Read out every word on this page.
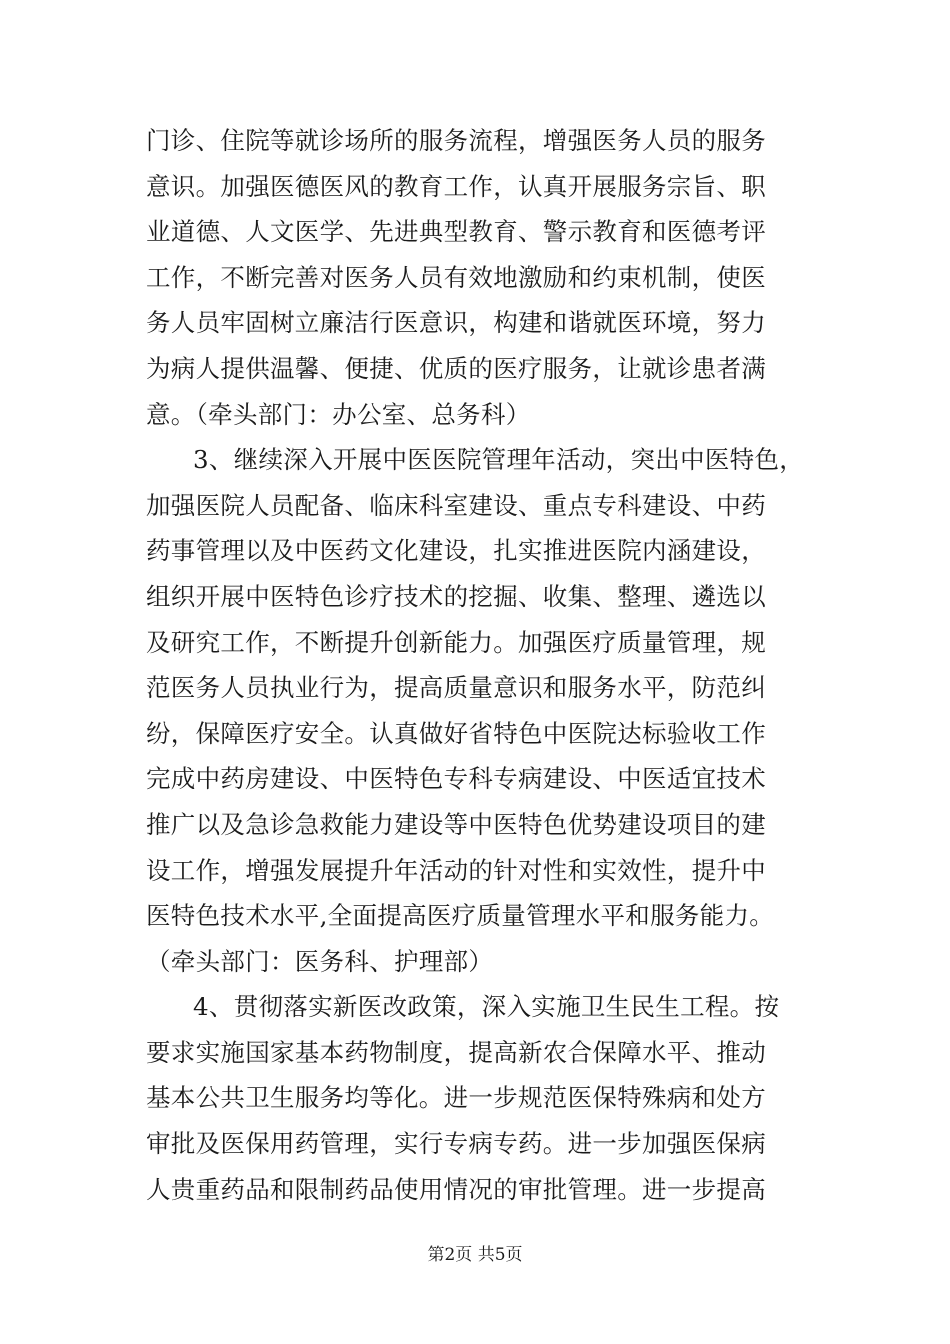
门诊、住院等就诊场所的服务流程，增强医务人员的服务
意识。加强医德医风的教育工作，认真开展服务宗旨、职
业道德、人文医学、先进典型教育、警示教育和医德考评
工作，不断完善对医务人员有效地激励和约束机制，使医
务人员牢固树立廉洁行医意识，构建和谐就医环境，努力
为病人提供温馨、便捷、优质的医疗服务，让就诊患者满
意。（牵头部门：办公室、总务科）
3、继续深入开展中医医院管理年活动，突出中医特色，
加强医院人员配备、临床科室建设、重点专科建设、中药
药事管理以及中医药文化建设，扎实推进医院内涵建设，
组织开展中医特色诊疗技术的挖掘、收集、整理、遴选以
及研究工作，不断提升创新能力。加强医疗质量管理，规
范医务人员执业行为，提高质量意识和服务水平，防范纠
纷，保障医疗安全。认真做好省特色中医院达标验收工作
完成中药房建设、中医特色专科专病建设、中医适宜技术
推广以及急诊急救能力建设等中医特色优势建设项目的建
设工作，增强发展提升年活动的针对性和实效性，提升中
医特色技术水平,全面提高医疗质量管理水平和服务能力。
（牵头部门：医务科、护理部）
4、贯彻落实新医改政策，深入实施卫生民生工程。按
要求实施国家基本药物制度，提高新农合保障水平、推动
基本公共卫生服务均等化。进一步规范医保特殊病和处方
审批及医保用药管理，实行专病专药。进一步加强医保病
人贵重药品和限制药品使用情况的审批管理。进一步提高
第2页 共5页
